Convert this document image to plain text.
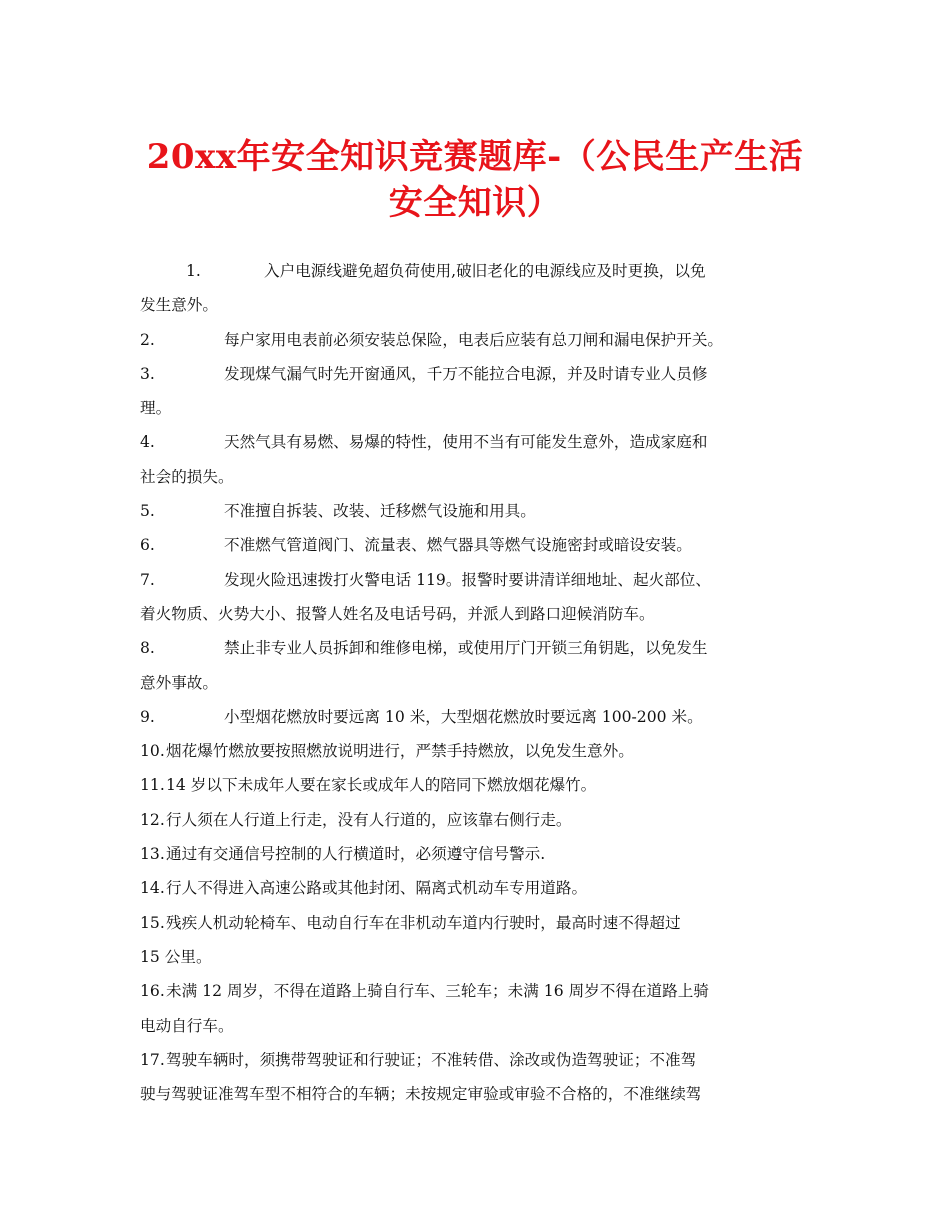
20xx年安全知识竞赛题库-（公民生产生活
安全知识）

1.	入户电源线避免超负荷使用,破旧老化的电源线应及时更换，以免

发生意外。

2.	每户家用电表前必须安装总保险，电表后应装有总刀闸和漏电保护开关。

3.	发现煤气漏气时先开窗通风，千万不能拉合电源，并及时请专业人员修

理。

4.	天然气具有易燃、易爆的特性，使用不当有可能发生意外，造成家庭和

社会的损失。

5.	不准擅自拆装、改装、迁移燃气设施和用具。

6.	不准燃气管道阀门、流量表、燃气器具等燃气设施密封或暗设安装。

7.	发现火险迅速拨打火警电话 119。报警时要讲清详细地址、起火部位、

着火物质、火势大小、报警人姓名及电话号码，并派人到路口迎候消防车。

8.	禁止非专业人员拆卸和维修电梯，或使用厅门开锁三角钥匙，以免发生

意外事故。

9.	小型烟花燃放时要远离 10 米，大型烟花燃放时要远离 100-200 米。

10.烟花爆竹燃放要按照燃放说明进行，严禁手持燃放，以免发生意外。

11.14 岁以下未成年人要在家长或成年人的陪同下燃放烟花爆竹。

12.行人须在人行道上行走，没有人行道的，应该靠右侧行走。

13.通过有交通信号控制的人行横道时，必须遵守信号警示.

14.行人不得进入高速公路或其他封闭、隔离式机动车专用道路。

15.残疾人机动轮椅车、电动自行车在非机动车道内行驶时，最高时速不得超过

15 公里。

16.未满 12 周岁，不得在道路上骑自行车、三轮车；未满 16 周岁不得在道路上骑

电动自行车。

17.驾驶车辆时，须携带驾驶证和行驶证；不准转借、涂改或伪造驾驶证；不准驾

驶与驾驶证准驾车型不相符合的车辆；未按规定审验或审验不合格的，不准继续驾
